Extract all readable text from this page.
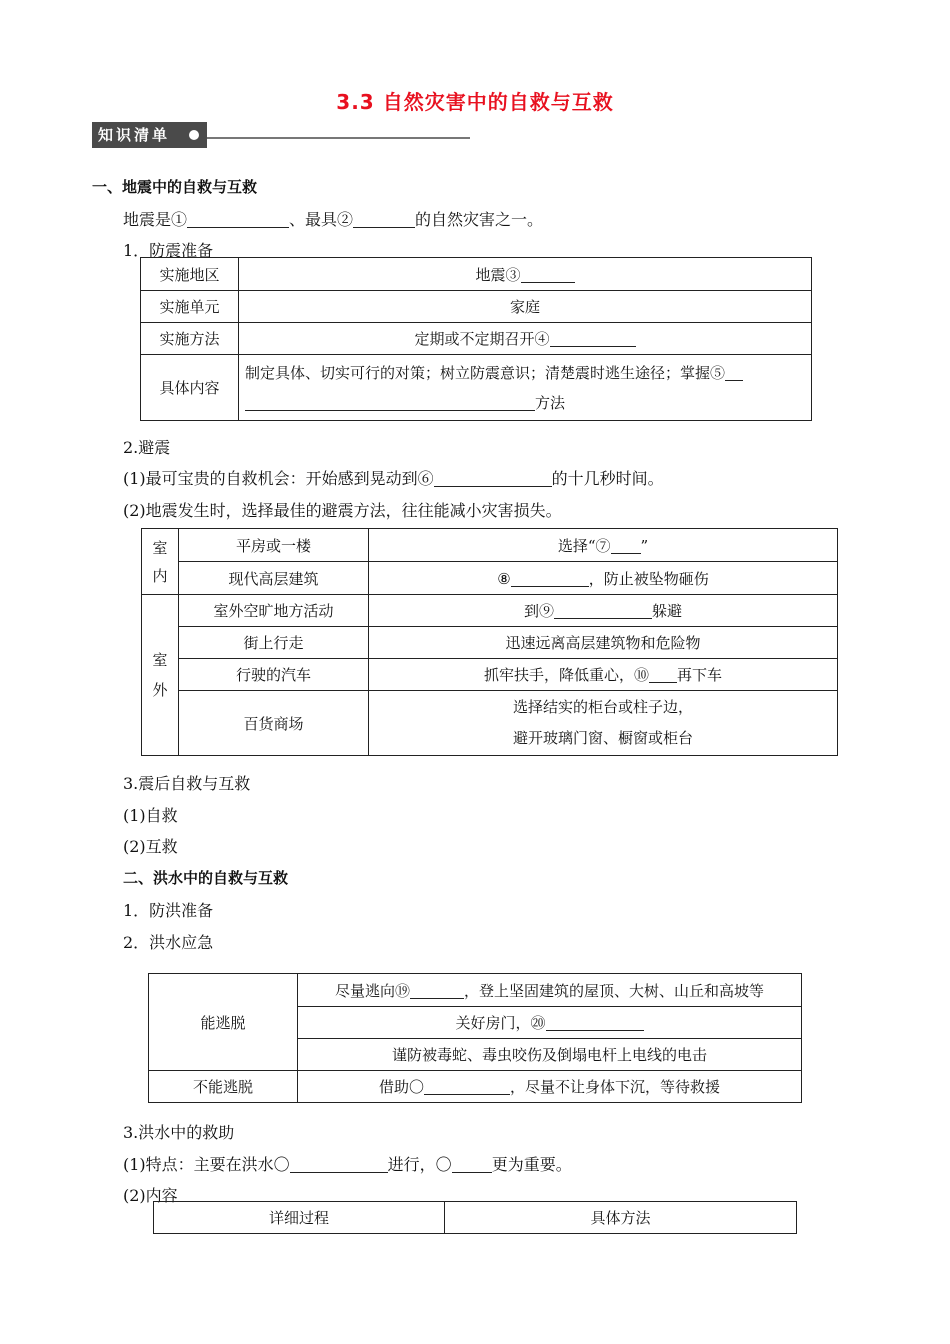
3.3 自然灾害中的自救与互救
知识清单
一、地震中的自救与互救
地震是①	、最具②	的自然灾害之一。
1．防震准备
实施地区	地震③
实施单元	家庭
实施方法	定期或不定期召开④
具体内容	制定具体、切实可行的对策；树立防震意识；清楚震时逃生途径；掌握⑤
方法
2.避震
(1)最可宝贵的自救机会：开始感到晃动到⑥	的十几秒时间。
(2)地震发生时，选择最佳的避震方法，往往能减小灾害损失。
室内	平房或一楼	选择“⑦ ”
	现代高层建筑	⑧ ，防止被坠物砸伤
室外	室外空旷地方活动	到⑨ 躲避
	街上行走	迅速远离高层建筑物和危险物
	行驶的汽车	抓牢扶手，降低重心，⑩ 再下车
	百货商场	选择结实的柜台或柱子边，
避开玻璃门窗、橱窗或柜台
3.震后自救与互救
(1)自救
(2)互救
二、洪水中的自救与互救
1．防洪准备
2．洪水应急
能逃脱	尽量逃向⑲ ，登上坚固建筑的屋顶、大树、山丘和高坡等
	关好房门，⑳
	谨防被毒蛇、毒虫咬伤及倒塌电杆上电线的电击
不能逃脱	借助〇 ，尽量不让身体下沉，等待救援
3.洪水中的救助
(1)特点：主要在洪水〇	进行，〇	更为重要。
(2)内容
详细过程	具体方法
